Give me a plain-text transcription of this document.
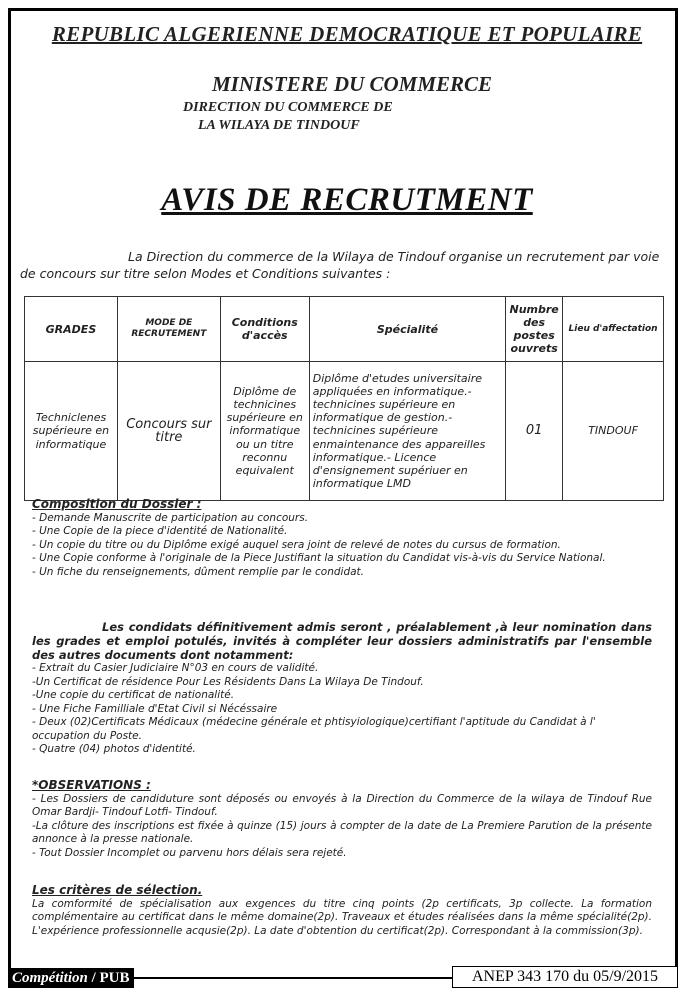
REPUBLIC ALGERIENNE DEMOCRATIQUE ET POPULAIRE
MINISTERE DU COMMERCE
DIRECTION DU COMMERCE DE
LA WILAYA DE TINDOUF
AVIS DE RECRUTMENT
La Direction du commerce de la Wilaya de Tindouf organise un recrutement par voie de concours sur titre selon Modes et Conditions suivantes :
GRADES	MODE DE RECRUTEMENT	Conditions d'accès	Spécialité	Numbre des postes ouvrets	Lieu d'affectation
Techniclenes supérieure en informatique	Concours sur titre	Diplôme de technicines supérieure en informatique ou un titre reconnu equivalent	Diplôme d'etudes universitaire appliquées en informatique.- technicines supérieure en informatique de gestion.- technicines supérieure enmaintenance des appareilles informatique.- Licence d'ensignement supériuer en informatique LMD	01	TINDOUF
Composition du Dossier :
- Demande Manuscrite de participation au concours.
- Une Copie de la piece d'identité de Nationalité.
- Un copie du titre ou du Diplôme exigé auquel sera joint de relevé de notes du cursus de formation.
- Une Copie conforme à l'originale de la Piece Justifiant la situation du Candidat vis-à-vis du Service National.
- Un fiche du renseignements, dûment remplie par le condidat.
Les condidats définitivement admis seront , préalablement ,à leur nomination dans les grades et emploi potulés, invités à compléter leur dossiers administratifs par l'ensemble des autres documents dont notamment:
- Extrait du Casier Judiciaire N°03 en cours de validité.
-Un Certificat de résidence Pour Les Résidents Dans La Wilaya De Tindouf.
-Une copie du certificat de nationalité.
- Une Fiche Familliale d'Etat Civil si Nécéssaire
- Deux (02)Certificats Médicaux (médecine générale et phtisyiologique)certifiant l'aptitude du Candidat à l' occupation du Poste.
- Quatre (04) photos d'identité.
*OBSERVATIONS :
- Les Dossiers de candiduture sont déposés ou envoyés à la Direction du Commerce de la wilaya de Tindouf Rue Omar Bardji- Tindouf Lotfi- Tindouf.
-La clôture des inscriptions est fixée à quinze (15) jours à compter de la date de La Premiere Parution de la présente annonce à la presse nationale.
- Tout Dossier Incomplet ou parvenu hors délais sera rejeté.
Les critères de sélection.
La comformité de spécialisation aux exgences du titre cinq points (2p certificats, 3p collecte. La formation complémentaire au certificat dans le même domaine(2p). Traveaux et études réalisées dans la même spécialité(2p). L'expérience professionnelle acqusie(2p). La date d'obtention du certificat(2p). Correspondant à la commission(3p).
Compétition / PUB	ANEP 343 170 du 05/9/2015
